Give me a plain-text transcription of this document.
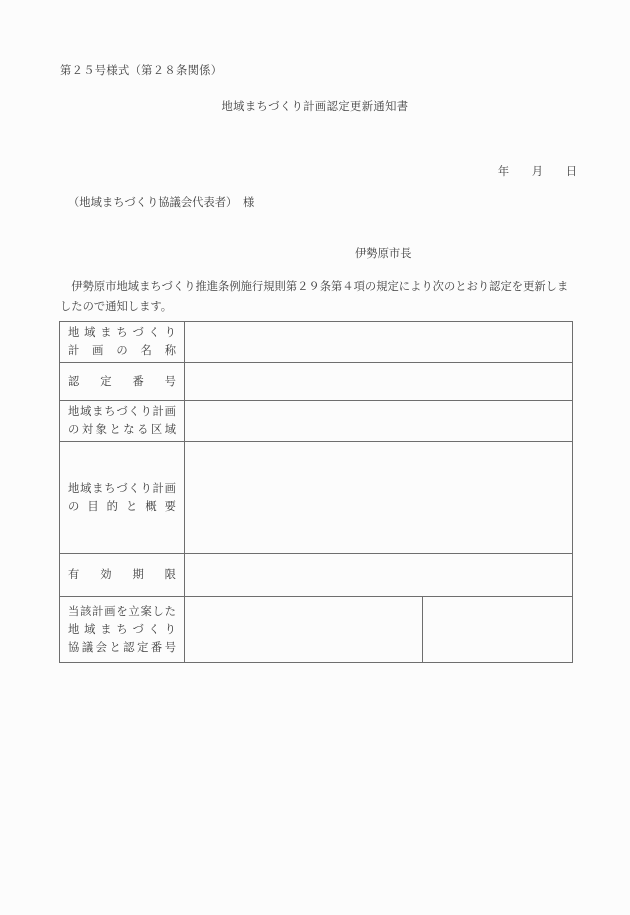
第２５号様式（第２８条関係）
地域まちづくり計画認定更新通知書
年　　月　　日
（地域まちづくり協議会代表者）　様
伊勢原市長
伊勢原市地域まちづくり推進条例施行規則第２９条第４項の規定により次のとおり認定を更新しましたので通知します。
地 域 ま ち づ く り
計 画 の 名 称
認 定 番 号
地 域 ま ち づ く り 計 画
の 対 象 と な る 区 域
地 域 ま ち づ く り 計 画
の 目 的 と 概 要
有 効 期 限
当 該 計 画 を 立 案 し た
地 域 ま ち づ く り
協 議 会 と 認 定 番 号
